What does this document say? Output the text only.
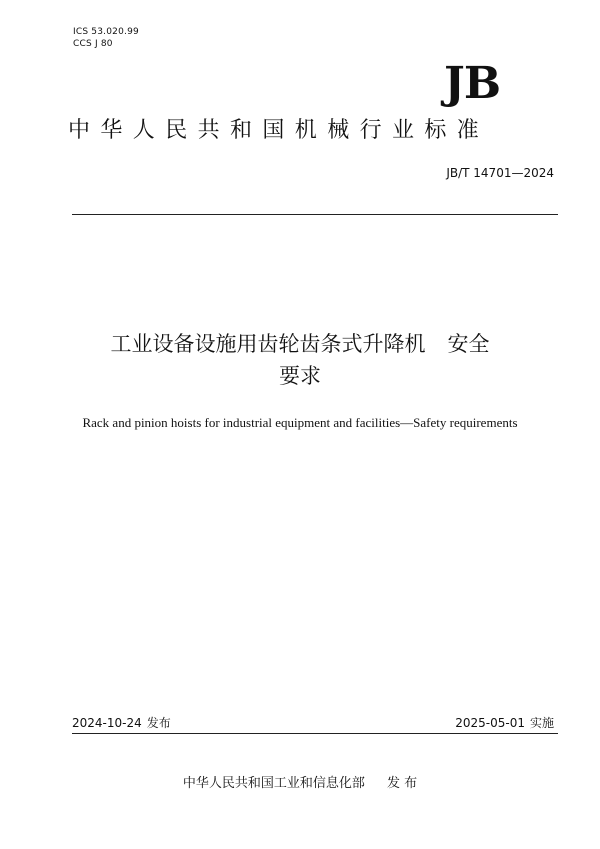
ICS 53.020.99
CCS J 80
JB
中华人民共和国机械行业标准
JB/T 14701—2024
工业设备设施用齿轮齿条式升降机 安全
要求
Rack and pinion hoists for industrial equipment and facilities—Safety requirements
2024-10-24 发布	2025-05-01 实施
中华人民共和国工业和信息化部 发 布
